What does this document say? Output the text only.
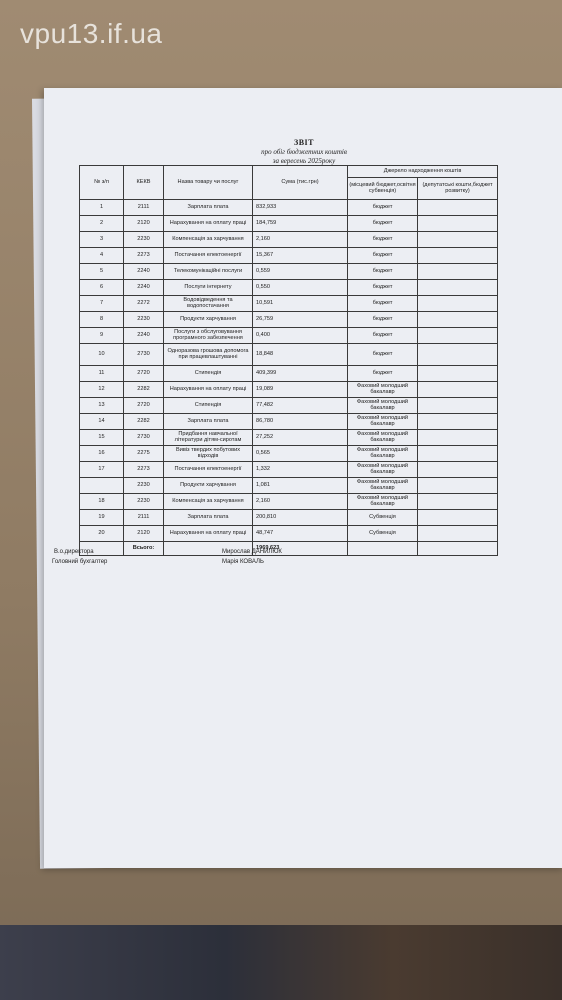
vpu13.if.ua
ЗВІТ
про обіг бюджетних коштів
за вересень 2025року
№ з/п	КЕКВ	Назва товару чи послуг	Сума (тис.грн)	Джерело надходження коштів	
				(місцевий бюджет,освітня субвенція)	(депутатські кошти,бюджет розвитку)
1	2111	Зарплата плата	832,933	бюджет	
2	2120	Нарахування на оплату праці	184,759	бюджет	
3	2230	Компенсація за харчування	2,160	бюджет	
4	2273	Постачання електоенергії	15,367	бюджет	
5	2240	Телекомунікаційні послуги	0,559	бюджет	
6	2240	Послуги інтернету	0,550	бюджет	
7	2272	Водовідведення та водопостачання	10,591	бюджет	
8	2230	Продукти харчування	26,759	бюджет	
9	2240	Послуги з обслуговування програмного забезпечення	0,400	бюджет	
10	2730	Одноразова грошова допомога при працевлаштуванні	18,848	бюджет	
11	2720	Стипендія	409,399	бюджет	
12	2282	Нарахування на оплату праці	19,089	Фаховий молодший бакалавр	
13	2720	Стипендія	77,482	Фаховий молодший бакалавр	
14	2282	Зарплата плата	86,780	Фаховий молодший бакалавр	
15	2730	Придбання навчальної літератури дітям-сиротам	27,252	Фаховий молодший бакалавр	
16	2275	Вивіз твердих побутових відходів	0,565	Фаховий молодший бакалавр	
17	2273	Постачання електоенергії	1,332	Фаховий молодший бакалавр	
	2230	Продукти харчування	1,081	Фаховий молодший бакалавр	
18	2230	Компенсація за харчування	2,160	Фаховий молодший бакалавр	
19	2111	Зарплата плата	200,810	Субвенція	
20	2120	Нарахування на оплату праці	48,747	Субвенція	
	Всього:		1969,623		
В.о.директора	Мирослав ДАНИЛЮК
Головний бухгалтер	Марія КОВАЛЬ
